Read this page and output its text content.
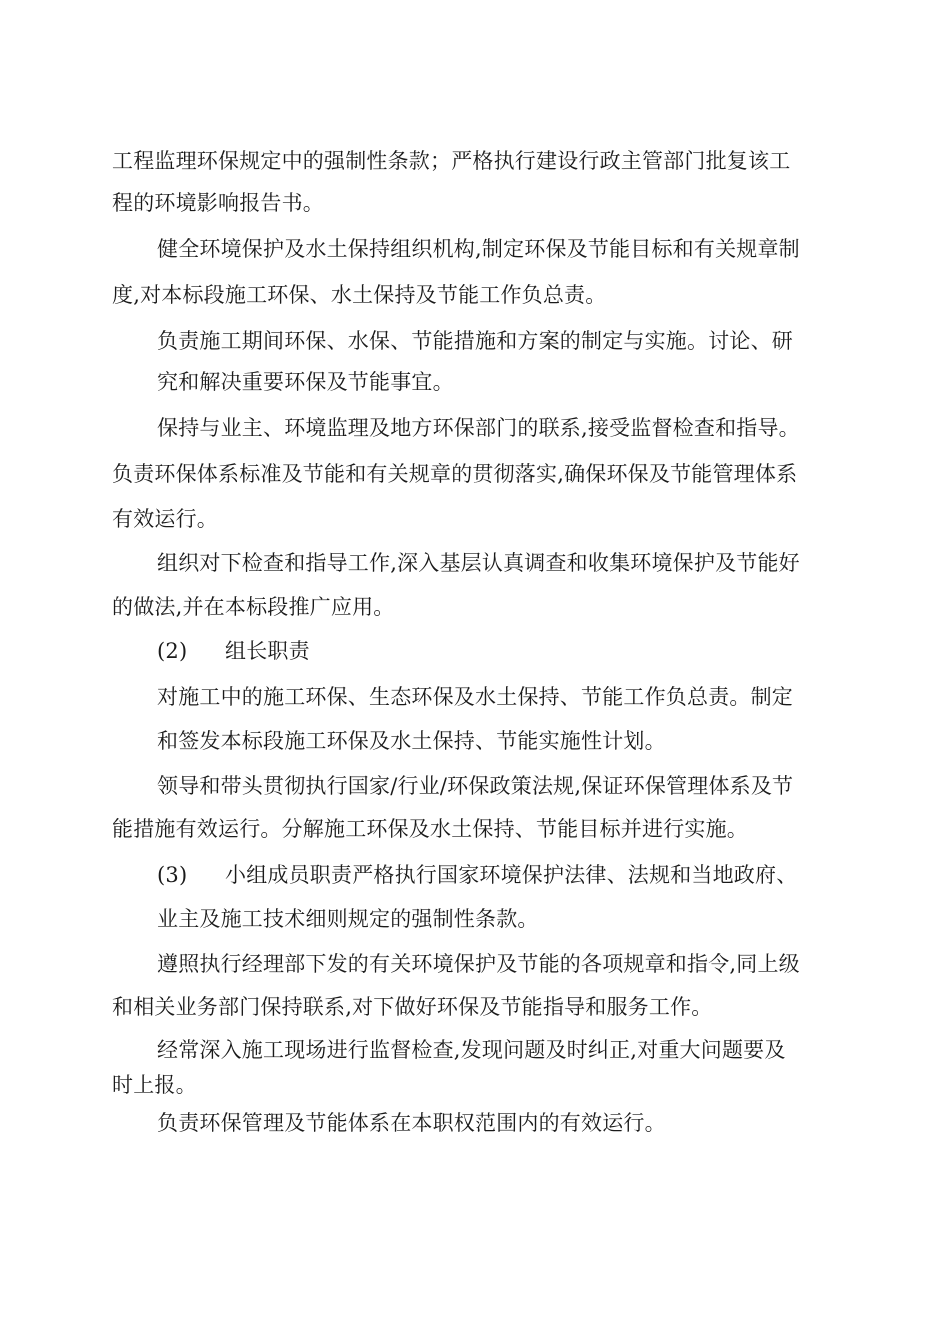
工程监理环保规定中的强制性条款；严格执行建设行政主管部门批复该工
程的环境影响报告书。
健全环境保护及水土保持组织机构,制定环保及节能目标和有关规章制
度,对本标段施工环保、水土保持及节能工作负总责。
负责施工期间环保、水保、节能措施和方案的制定与实施。讨论、研
究和解决重要环保及节能事宜。
保持与业主、环境监理及地方环保部门的联系,接受监督检查和指导。
负责环保体系标准及节能和有关规章的贯彻落实,确保环保及节能管理体系
有效运行。
组织对下检查和指导工作,深入基层认真调查和收集环境保护及节能好
的做法,并在本标段推广应用。
(2) 组长职责
对施工中的施工环保、生态环保及水土保持、节能工作负总责。制定
和签发本标段施工环保及水土保持、节能实施性计划。
领导和带头贯彻执行国家/行业/环保政策法规,保证环保管理体系及节
能措施有效运行。分解施工环保及水土保持、节能目标并进行实施。
(3) 小组成员职责严格执行国家环境保护法律、法规和当地政府、
业主及施工技术细则规定的强制性条款。
遵照执行经理部下发的有关环境保护及节能的各项规章和指令,同上级
和相关业务部门保持联系,对下做好环保及节能指导和服务工作。
经常深入施工现场进行监督检查,发现问题及时纠正,对重大问题要及
时上报。
负责环保管理及节能体系在本职权范围内的有效运行。
